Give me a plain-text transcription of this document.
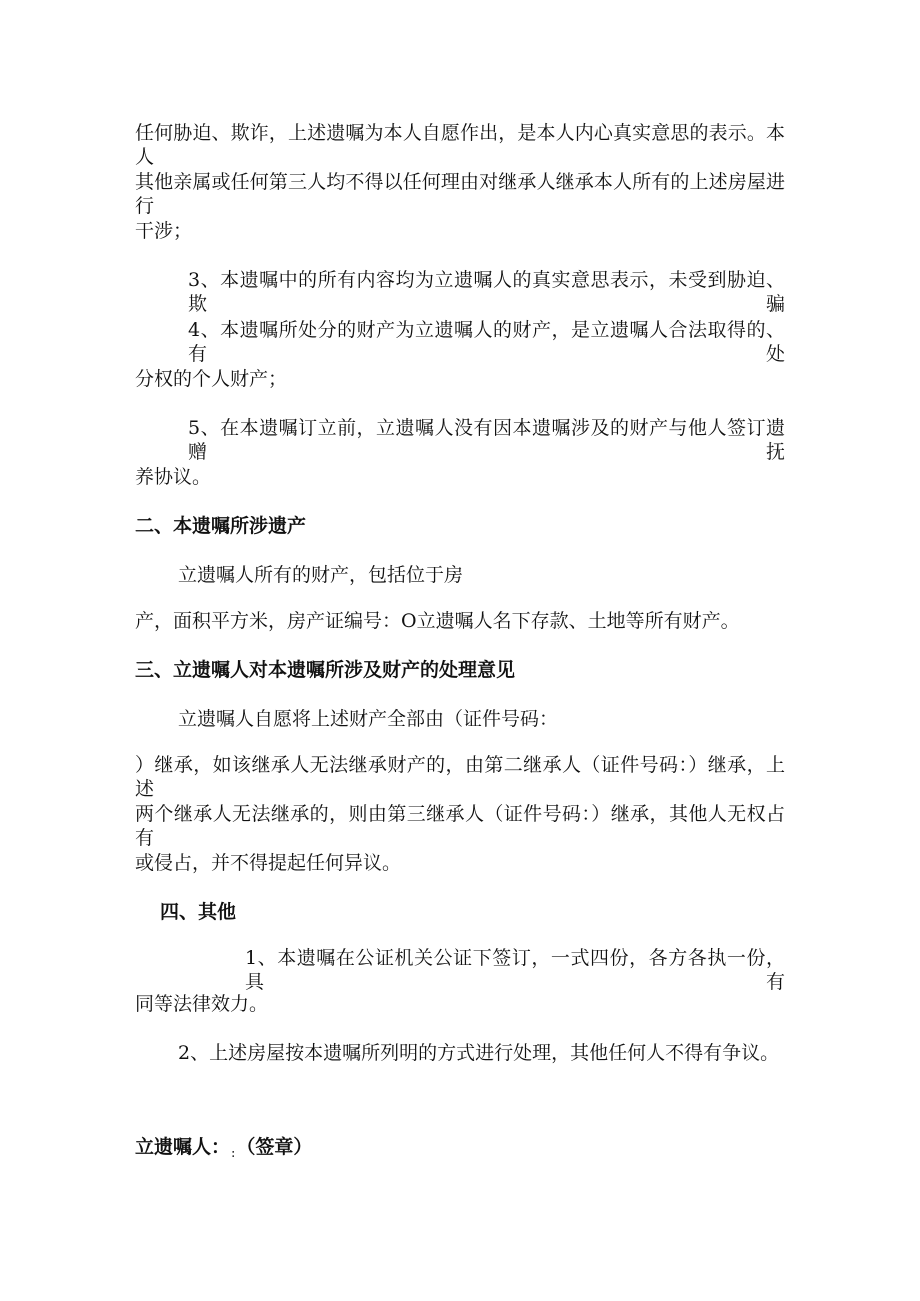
任何胁迫、欺诈，上述遗嘱为本人自愿作出，是本人内心真实意思的表示。本人

其他亲属或任何第三人均不得以任何理由对继承人继承本人所有的上述房屋进行

干涉；

3、本遗嘱中的所有内容均为立遗嘱人的真实意思表示，未受到胁迫、欺骗

4、本遗嘱所处分的财产为立遗嘱人的财产，是立遗嘱人合法取得的、有处

分权的个人财产；

5、在本遗嘱订立前，立遗嘱人没有因本遗嘱涉及的财产与他人签订遗赠抚

养协议。

二、本遗嘱所涉遗产

立遗嘱人所有的财产，包括位于房

产，面积平方米，房产证编号：O立遗嘱人名下存款、土地等所有财产。

三、立遗嘱人对本遗嘱所涉及财产的处理意见

立遗嘱人自愿将上述财产全部由（证件号码：

）继承，如该继承人无法继承财产的，由第二继承人（证件号码：）继承，上述

两个继承人无法继承的，则由第三继承人（证件号码：）继承，其他人无权占有

或侵占，并不得提起任何异议。

四、其他

1、本遗嘱在公证机关公证下签订，一式四份，各方各执一份，具有

同等法律效力。

2、上述房屋按本遗嘱所列明的方式进行处理，其他任何人不得有争议。

立遗嘱人：$_:$（签章）
